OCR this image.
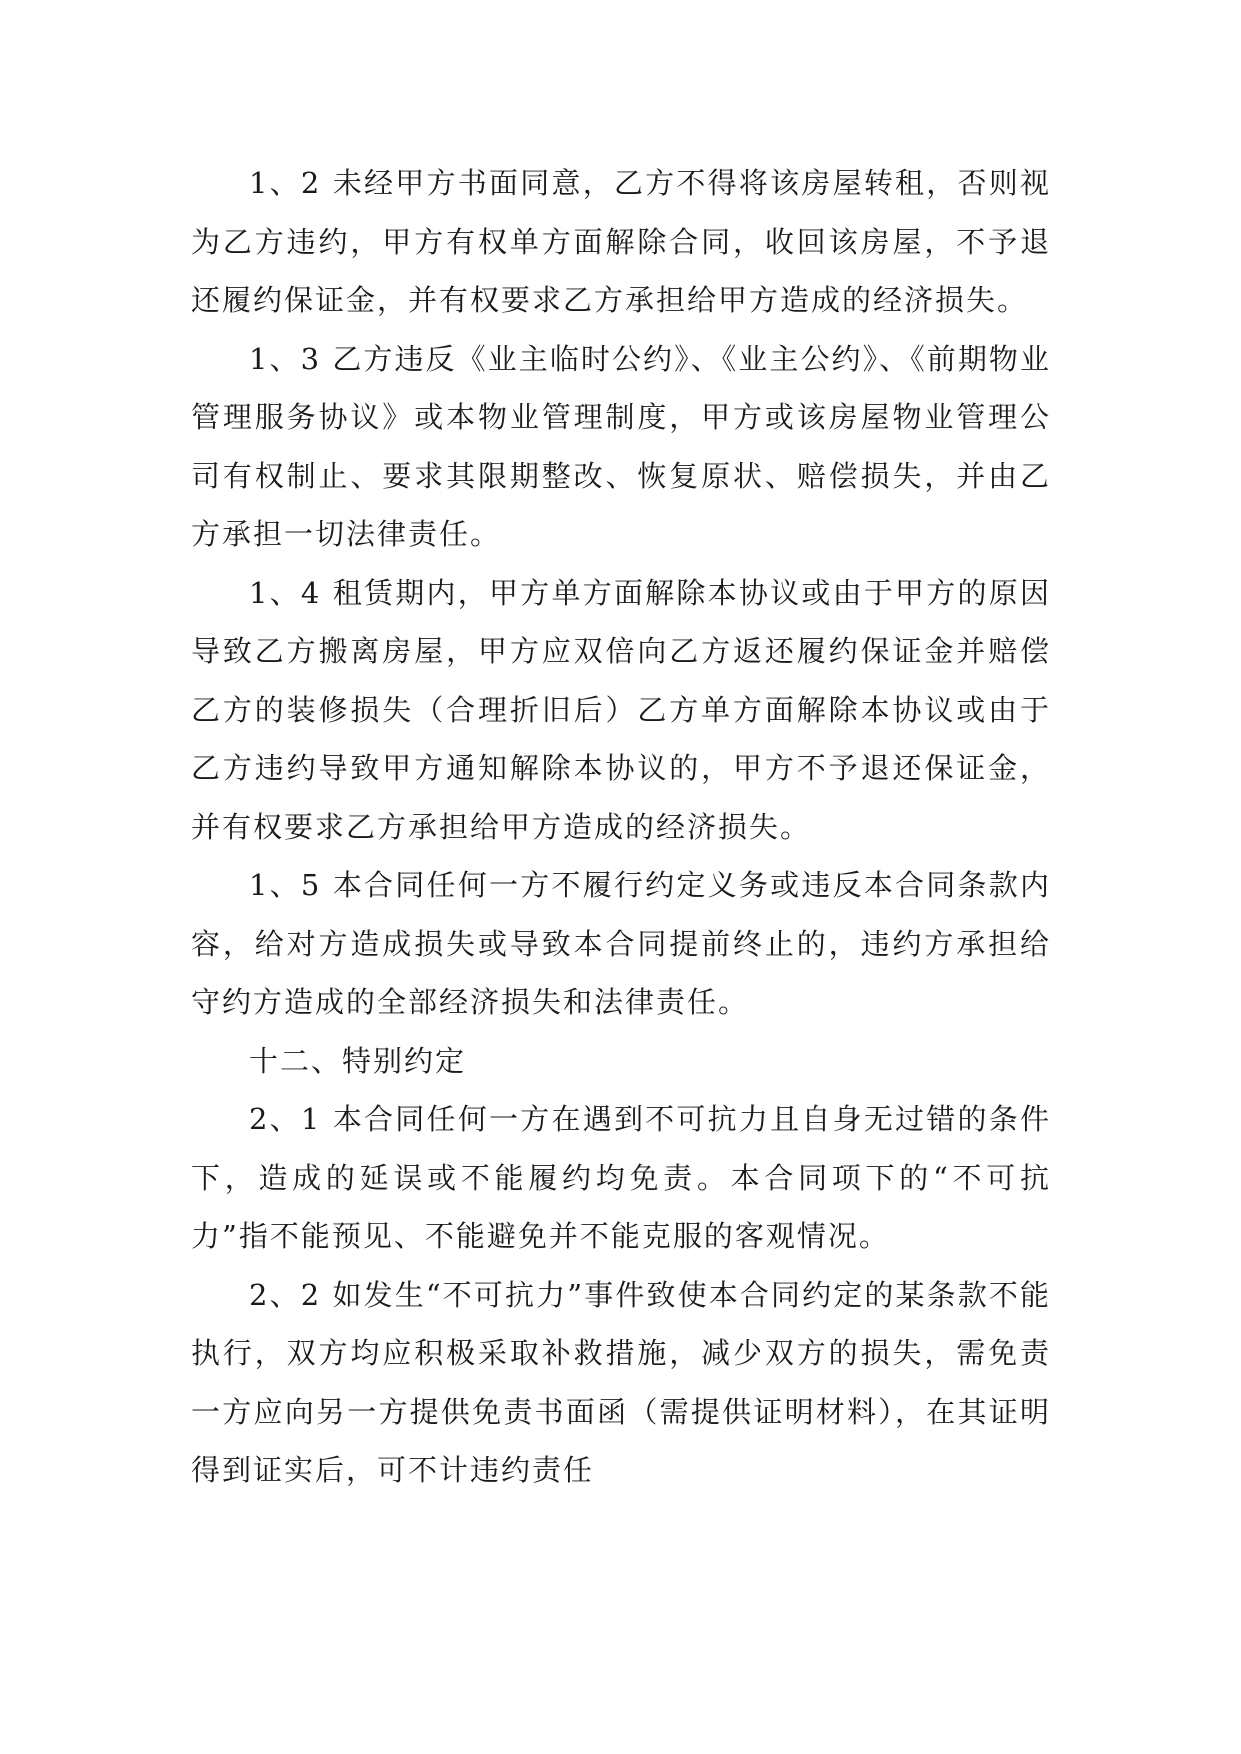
1、2 未经甲方书面同意，乙方不得将该房屋转租，否则视为乙方违约，甲方有权单方面解除合同，收回该房屋，不予退还履约保证金，并有权要求乙方承担给甲方造成的经济损失。

1、3 乙方违反《业主临时公约》、《业主公约》、《前期物业管理服务协议》或本物业管理制度，甲方或该房屋物业管理公司有权制止、要求其限期整改、恢复原状、赔偿损失，并由乙方承担一切法律责任。

1、4 租赁期内，甲方单方面解除本协议或由于甲方的原因导致乙方搬离房屋，甲方应双倍向乙方返还履约保证金并赔偿乙方的装修损失（合理折旧后）乙方单方面解除本协议或由于乙方违约导致甲方通知解除本协议的，甲方不予退还保证金，并有权要求乙方承担给甲方造成的经济损失。

1、5 本合同任何一方不履行约定义务或违反本合同条款内容，给对方造成损失或导致本合同提前终止的，违约方承担给守约方造成的全部经济损失和法律责任。

十二、特别约定

2、1 本合同任何一方在遇到不可抗力且自身无过错的条件下，造成的延误或不能履约均免责。本合同项下的“不可抗力”指不能预见、不能避免并不能克服的客观情况。

2、2 如发生“不可抗力”事件致使本合同约定的某条款不能执行，双方均应积极采取补救措施，减少双方的损失，需免责一方应向另一方提供免责书面函（需提供证明材料），在其证明得到证实后，可不计违约责任
